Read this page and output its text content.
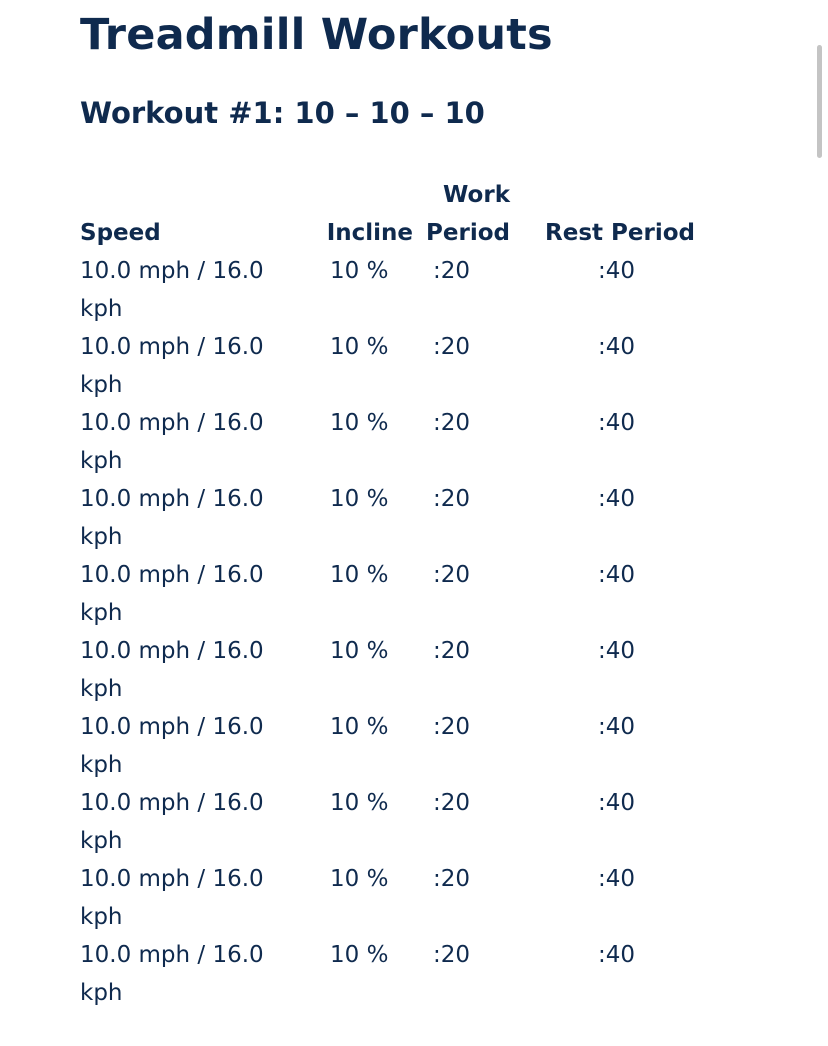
Treadmill Workouts
Workout #1: 10 – 10 – 10
Speed	Incline	Work Period	Rest Period
10.0 mph / 16.0 kph	10 %	:20	:40
10.0 mph / 16.0 kph	10 %	:20	:40
10.0 mph / 16.0 kph	10 %	:20	:40
10.0 mph / 16.0 kph	10 %	:20	:40
10.0 mph / 16.0 kph	10 %	:20	:40
10.0 mph / 16.0 kph	10 %	:20	:40
10.0 mph / 16.0 kph	10 %	:20	:40
10.0 mph / 16.0 kph	10 %	:20	:40
10.0 mph / 16.0 kph	10 %	:20	:40
10.0 mph / 16.0 kph	10 %	:20	:40
